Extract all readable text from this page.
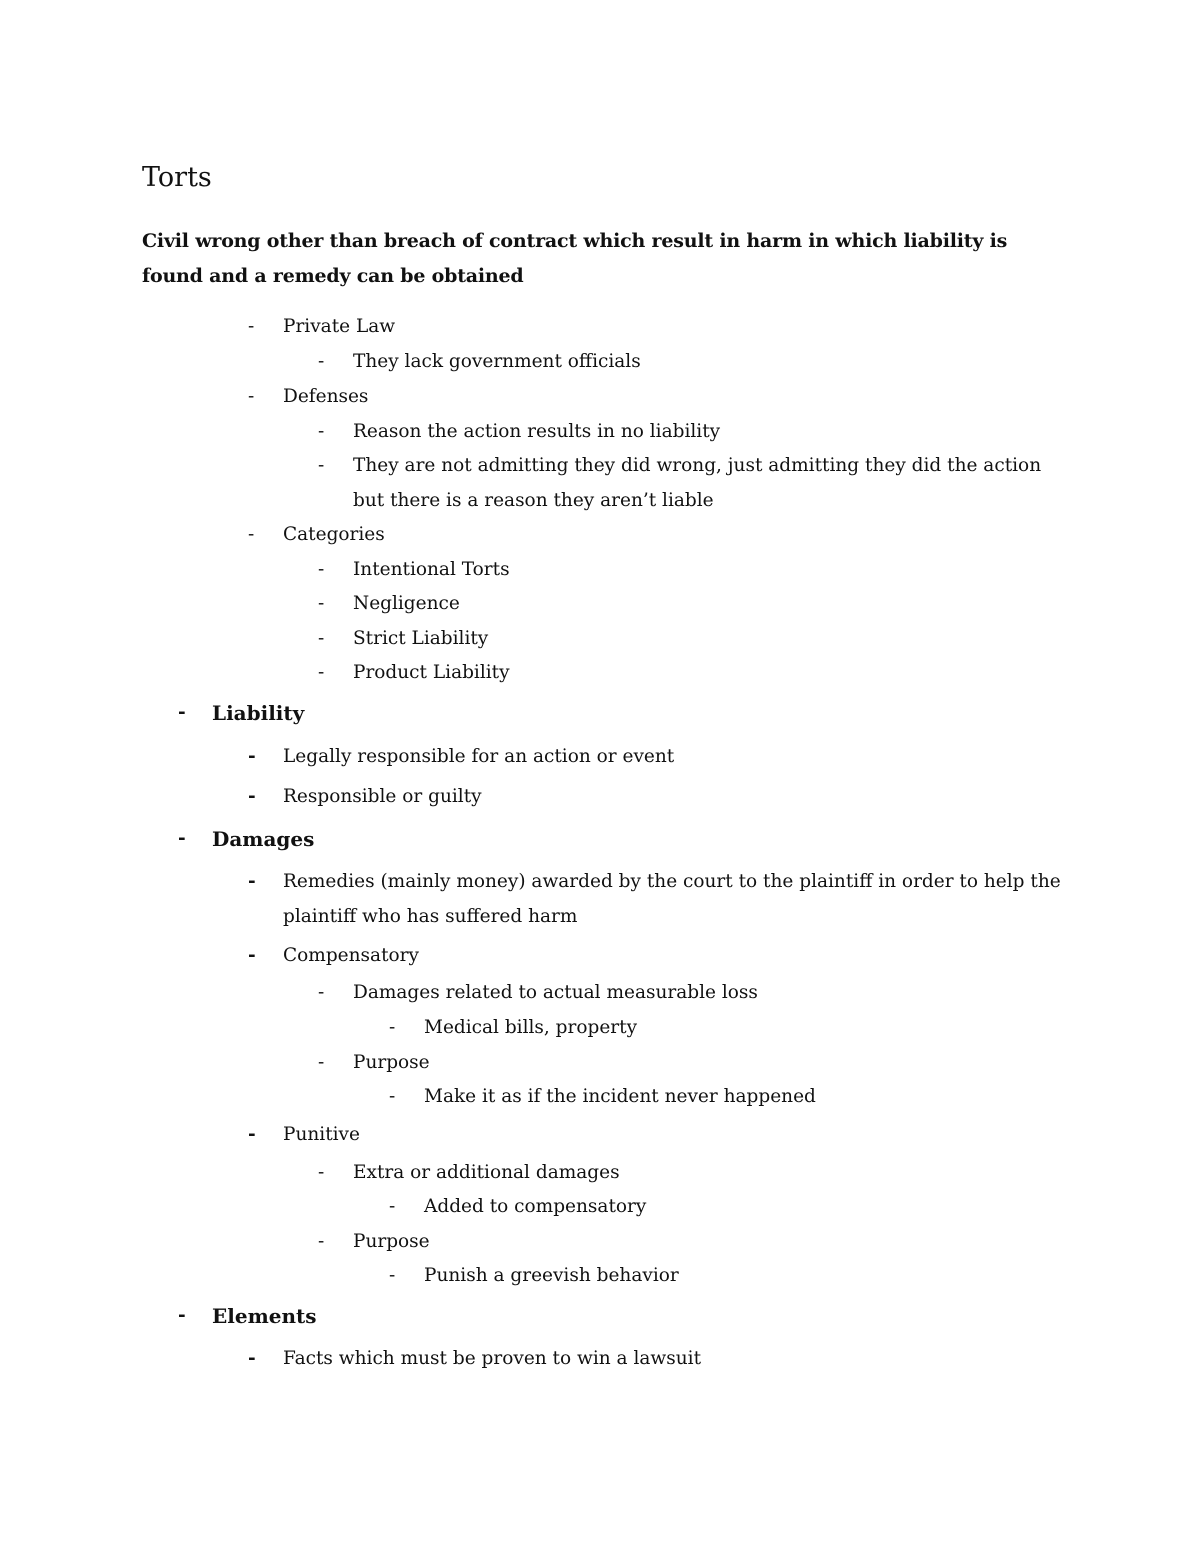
Torts
Civil wrong other than breach of contract which result in harm in which liability is found and a remedy can be obtained
- Private Law
- They lack government officials
- Defenses
- Reason the action results in no liability
- They are not admitting they did wrong, just admitting they did the action but there is a reason they aren’t liable
- Categories
- Intentional Torts
- Negligence
- Strict Liability
- Product Liability
- Liability
- Legally responsible for an action or event
- Responsible or guilty
- Damages
- Remedies (mainly money) awarded by the court to the plaintiff in order to help the plaintiff who has suffered harm
- Compensatory
- Damages related to actual measurable loss
- Medical bills, property
- Purpose
- Make it as if the incident never happened
- Punitive
- Extra or additional damages
- Added to compensatory
- Purpose
- Punish a greevish behavior
- Elements
- Facts which must be proven to win a lawsuit
